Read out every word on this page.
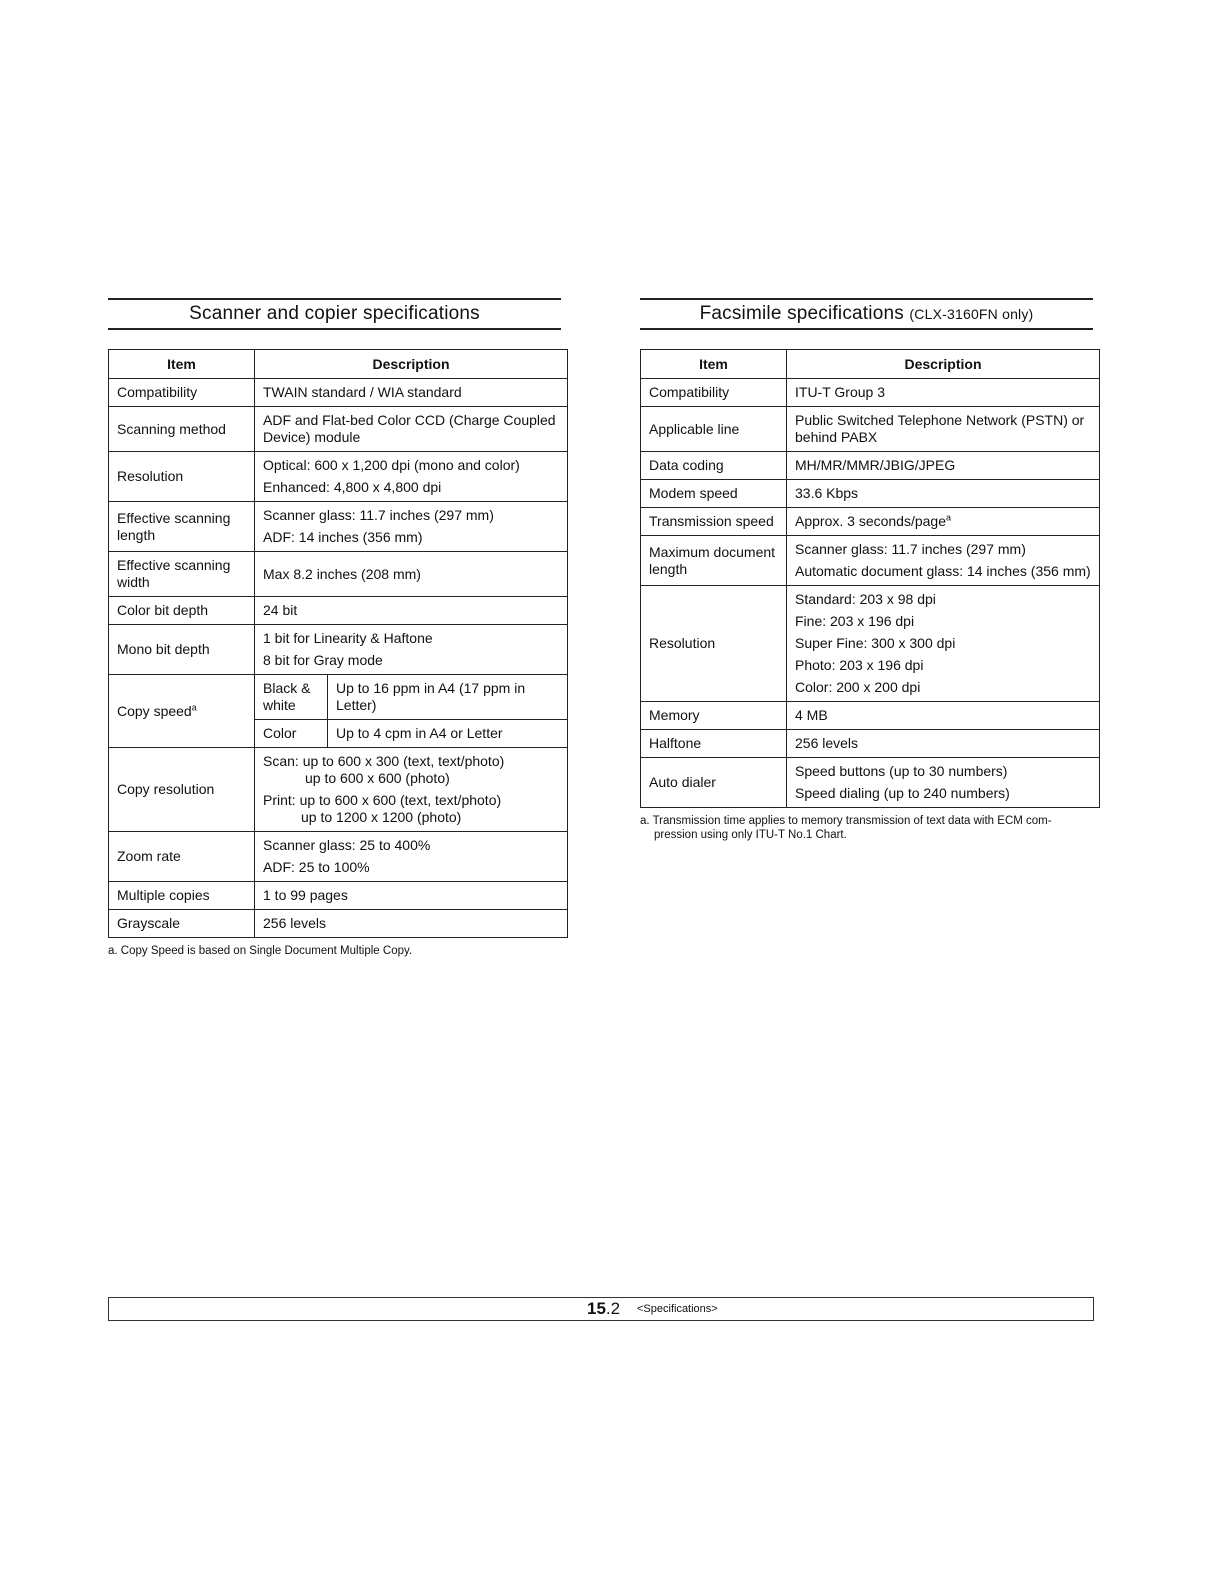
Scanner and copier specifications
Item	Description	
Compatibility	TWAIN standard / WIA standard	
Scanning method	ADF and Flat-bed Color CCD (Charge Coupled Device) module	
Resolution	Optical: 600 x 1,200 dpi (mono and color)
Enhanced: 4,800 x 4,800 dpi	

Effective scanning length	Scanner glass: 11.7 inches (297 mm)
ADF: 14 inches (356 mm)	

Effective scanning width	Max 8.2 inches (208 mm)	
Color bit depth	24 bit	
Mono bit depth	1 bit for Linearity & Haftone
8 bit for Gray mode	

Copy speed$^a$	Black & white	Up to 16 ppm in A4 (17 ppm in Letter)
	Color	Up to 4 cpm in A4 or Letter
Copy resolution	Scan: up to 600 x 300 (text, text/photo)
up to 600 x 600 (photo)
Print: up to 600 x 600 (text, text/photo)
up to 1200 x 1200 (photo)	

Zoom rate	Scanner glass: 25 to 400%
ADF: 25 to 100%	

Multiple copies	1 to 99 pages	
Grayscale	256 levels	
a. Copy Speed is based on Single Document Multiple Copy.
Facsimile specifications (CLX-3160FN only)
Item	Description
Compatibility	ITU-T Group 3
Applicable line	Public Switched Telephone Network (PSTN) or behind PABX
Data coding	MH/MR/MMR/JBIG/JPEG
Modem speed	33.6 Kbps
Transmission speed	Approx. 3 seconds/page$^a$
Maximum document length	Scanner glass: 11.7 inches (297 mm)
Automatic document glass: 14 inches (356 mm)

Resolution	Standard: 203 x 98 dpi
Fine: 203 x 196 dpi
Super Fine: 300 x 300 dpi
Photo: 203 x 196 dpi
Color: 200 x 200 dpi

Memory	4 MB
Halftone	256 levels
Auto dialer	Speed buttons (up to 30 numbers)
Speed dialing (up to 240 numbers)
a. Transmission time applies to memory transmission of text data with ECM com-
pression using only ITU-T No.1 Chart.
15.2 <Specifications>
